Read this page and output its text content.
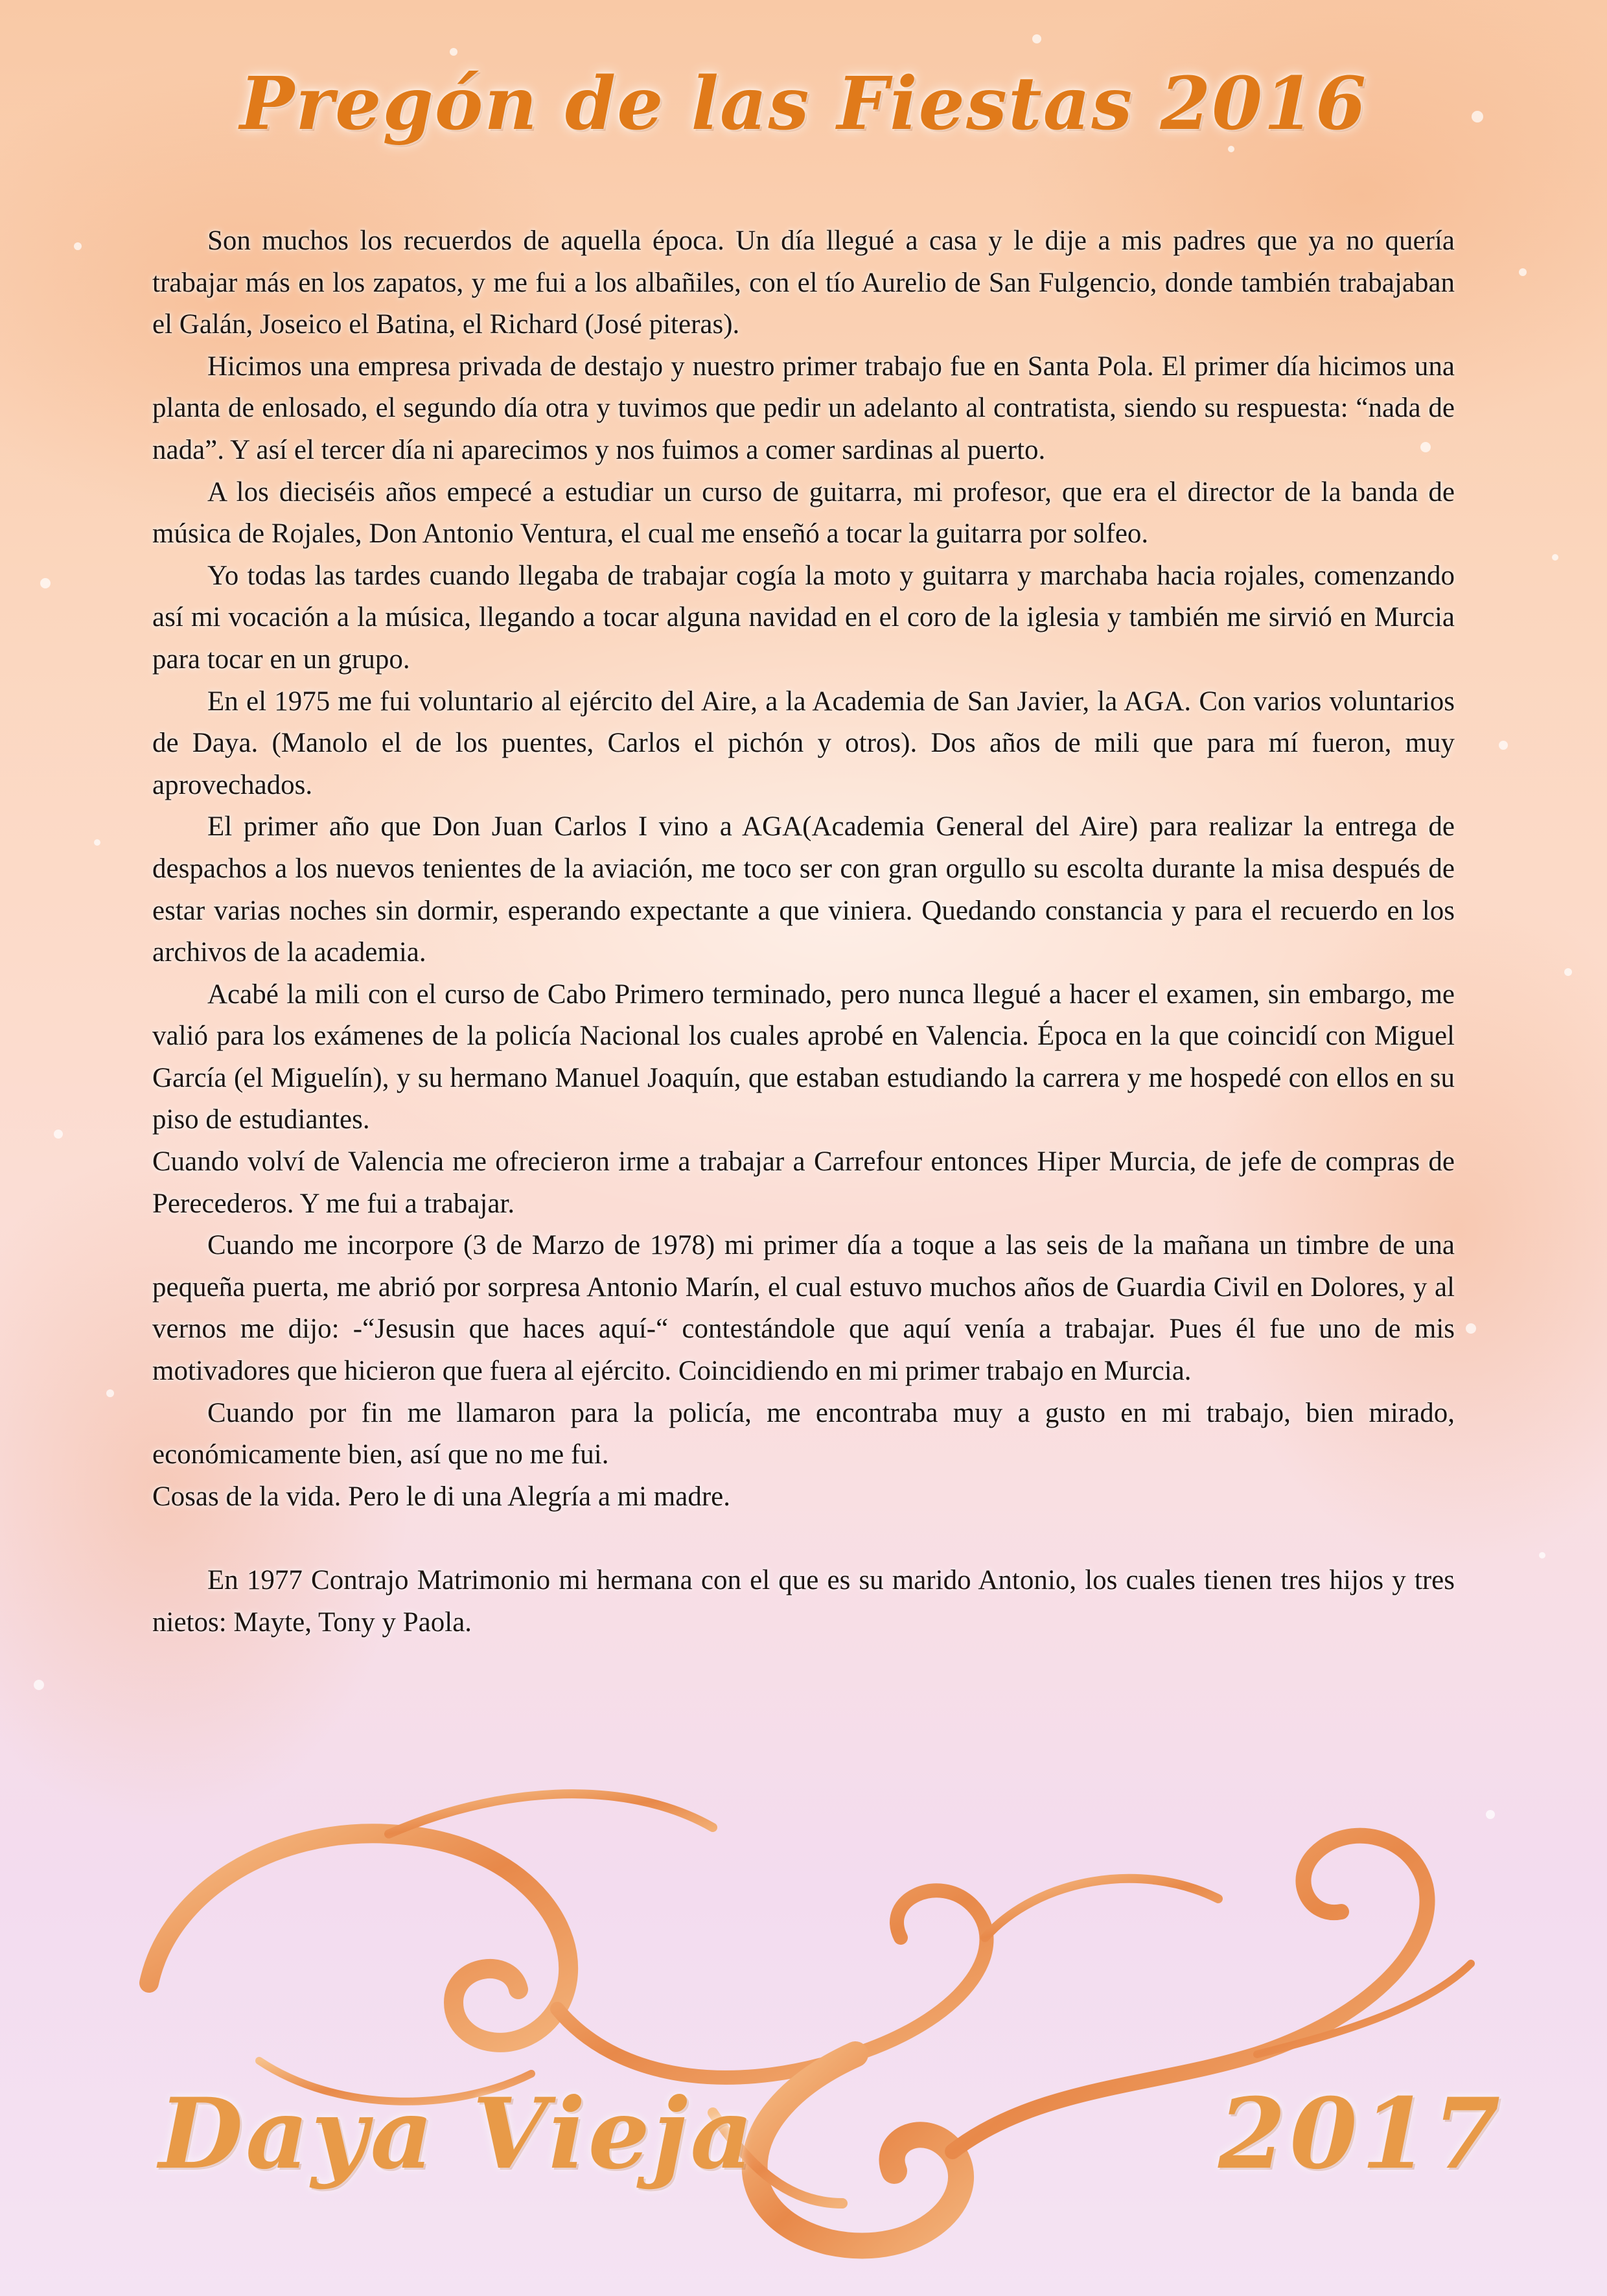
Pregón de las Fiestas 2016

Son muchos los recuerdos de aquella época. Un día llegué a casa y le dije a mis padres que ya no quería trabajar más en los zapatos, y me fui a los albañiles, con el tío Aurelio de San Fulgencio, donde también trabajaban el Galán, Joseico el Batina, el Richard (José piteras).

Hicimos una empresa privada de destajo y nuestro primer trabajo fue en Santa Pola. El primer día hicimos una planta de enlosado, el segundo día otra y tuvimos que pedir un adelanto al contratista, siendo su respuesta: “nada de nada”. Y así el tercer día ni aparecimos y nos fuimos a comer sardinas al puerto.

A los dieciséis años empecé a estudiar un curso de guitarra, mi profesor, que era el director de la banda de música de Rojales, Don Antonio Ventura, el cual me enseñó a tocar la guitarra por solfeo.

Yo todas las tardes cuando llegaba de trabajar cogía la moto y guitarra y marchaba hacia rojales, comenzando así mi vocación a la música, llegando a tocar alguna navidad en el coro de la iglesia y también me sirvió en Murcia para tocar en un grupo.

En el 1975 me fui voluntario al ejército del Aire, a la Academia de San Javier, la AGA. Con varios voluntarios de Daya. (Manolo el de los puentes, Carlos el pichón y otros). Dos años de mili que para mí fueron, muy aprovechados.

El primer año que Don Juan Carlos I vino a AGA(Academia General del Aire) para realizar la entrega de despachos a los nuevos tenientes de la aviación, me toco ser con gran orgullo su escolta durante la misa después de estar varias noches sin dormir, esperando expectante a que viniera. Quedando constancia y para el recuerdo en los archivos de la academia.

Acabé la mili con el curso de Cabo Primero terminado, pero nunca llegué a hacer el examen, sin embargo, me valió para los exámenes de la policía Nacional los cuales aprobé en Valencia. Época en la que coincidí con Miguel García (el Miguelín), y su hermano Manuel Joaquín, que estaban estudiando la carrera y me hospedé con ellos en su piso de estudiantes.

Cuando volví de Valencia me ofrecieron irme a trabajar a Carrefour entonces Hiper Murcia, de jefe de compras de Perecederos. Y me fui a trabajar.

Cuando me incorpore (3 de Marzo de 1978) mi primer día a toque a las seis de la mañana un timbre de una pequeña puerta, me abrió por sorpresa Antonio Marín, el cual estuvo muchos años de Guardia Civil en Dolores, y al vernos me dijo: -“Jesusin que haces aquí-“ contestándole que aquí venía a trabajar. Pues él fue uno de mis motivadores que hicieron que fuera al ejército. Coincidiendo en mi primer trabajo en Murcia.

Cuando por fin me llamaron para la policía, me encontraba muy a gusto en mi trabajo, bien mirado, económicamente bien, así que no me fui.

Cosas de la vida. Pero le di una Alegría a mi madre.

En 1977 Contrajo Matrimonio mi hermana con el que es su marido Antonio, los cuales tienen tres hijos y tres nietos: Mayte, Tony y Paola.

Daya Vieja	2017
